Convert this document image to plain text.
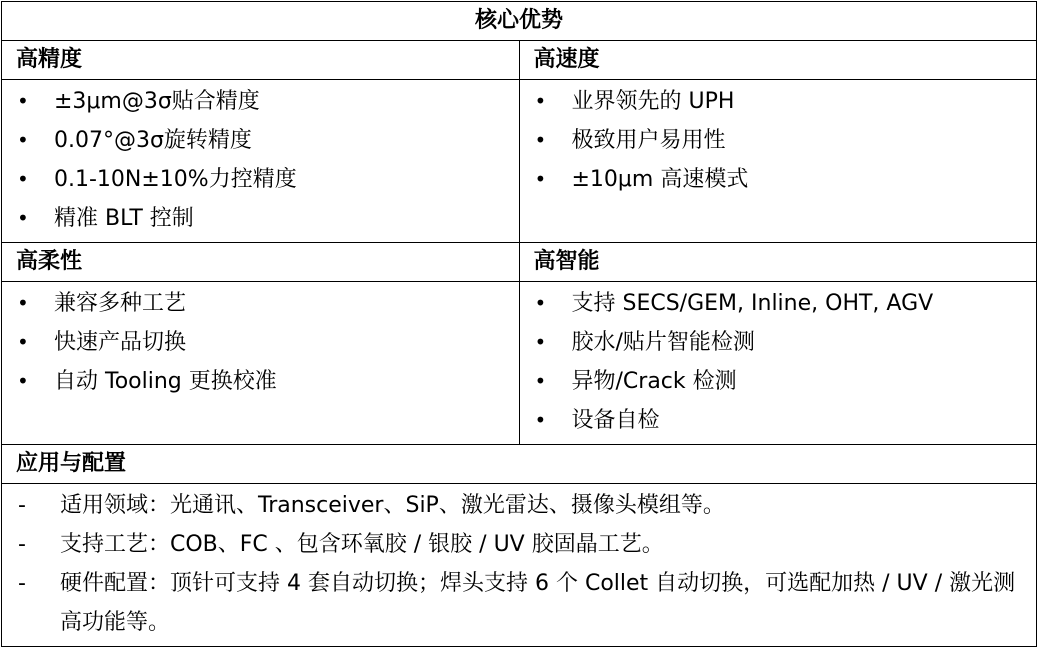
核心优势
高精度
• ±3μm@3σ贴合精度
• 0.07°@3σ旋转精度
• 0.1-10N±10%力控精度
• 精准 BLT 控制
高速度
• 业界领先的 UPH
• 极致用户易用性
• ±10μm 高速模式
高柔性
• 兼容多种工艺
• 快速产品切换
• 自动 Tooling 更换校准
高智能
• 支持 SECS/GEM, Inline, OHT, AGV
• 胶水/贴片智能检测
• 异物/Crack 检测
• 设备自检
应用与配置
- 适用领域：光通讯、Transceiver、SiP、激光雷达、摄像头模组等。
- 支持工艺：COB、FC 、包含环氧胶 / 银胶 / UV 胶固晶工艺。
- 硬件配置：顶针可支持 4 套自动切换；焊头支持 6 个 Collet 自动切换，可选配加热 / UV / 激光测高功能等。
